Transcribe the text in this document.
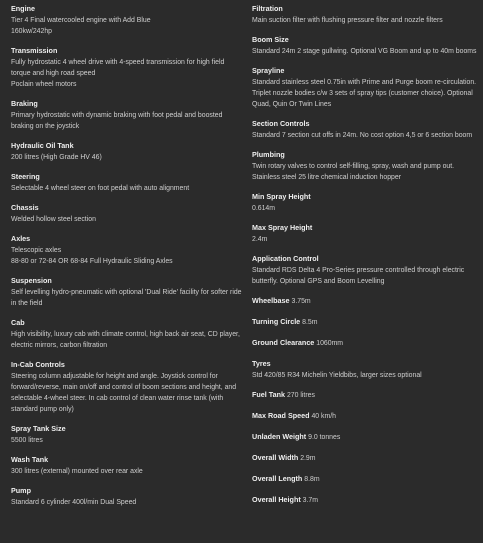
Engine
Tier 4 Final watercooled engine with Add Blue
160kw/242hp
Transmission
Fully hydrostatic 4 wheel drive with 4-speed transmission for high field torque and high road speed
Poclain wheel motors
Braking
Primary hydrostatic with dynamic braking with foot pedal and boosted braking on the joystick
Hydraulic Oil Tank
200 litres (High Grade HV 46)
Steering
Selectable 4 wheel steer on foot pedal with auto alignment
Chassis
Welded hollow steel section
Axles
Telescopic axles
88-80 or 72-84 OR 68-84 Full Hydraulic Sliding Axles
Suspension
Self levelling hydro-pneumatic with optional 'Dual Ride' facility for softer ride in the field
Cab
High visibility, luxury cab with climate control, high back air seat, CD player, electric mirrors, carbon filtration
In-Cab Controls
Steering column adjustable for height and angle. Joystick control for forward/reverse, main on/off and control of boom sections and height, and selectable 4-wheel steer. In cab control of clean water rinse tank (with standard pump only)
Spray Tank Size
5500 litres
Wash Tank
300 litres (external) mounted over rear axle
Pump
Standard 6 cylinder 400l/min Dual Speed
Filtration
Main suction filter with flushing pressure filter and nozzle filters
Boom Size
Standard 24m 2 stage gullwing. Optional VG Boom and up to 40m booms
Sprayline
Standard stainless steel 0.75in with Prime and Purge boom re-circulation. Triplet nozzle bodies c/w 3 sets of spray tips (customer choice). Optional Quad, Quin Or Twin Lines
Section Controls
Standard 7 section cut offs in 24m. No cost option 4,5 or 6 section boom
Plumbing
Twin rotary valves to control self-filling, spray, wash and pump out. Stainless steel 25 litre chemical induction hopper
Min Spray Height
0.614m
Max Spray Height
2.4m
Application Control
Standard RDS Delta 4 Pro-Series pressure controlled through electric butterfly. Optional GPS and Boom Levelling
Wheelbase 3.75m
Turning Circle 8.5m
Ground Clearance 1060mm
Tyres
Std 420/85 R34 Michelin Yieldbibs, larger sizes optional
Fuel Tank 270 litres
Max Road Speed 40 km/h
Unladen Weight 9.0 tonnes
Overall Width 2.9m
Overall Length 8.8m
Overall Height 3.7m
